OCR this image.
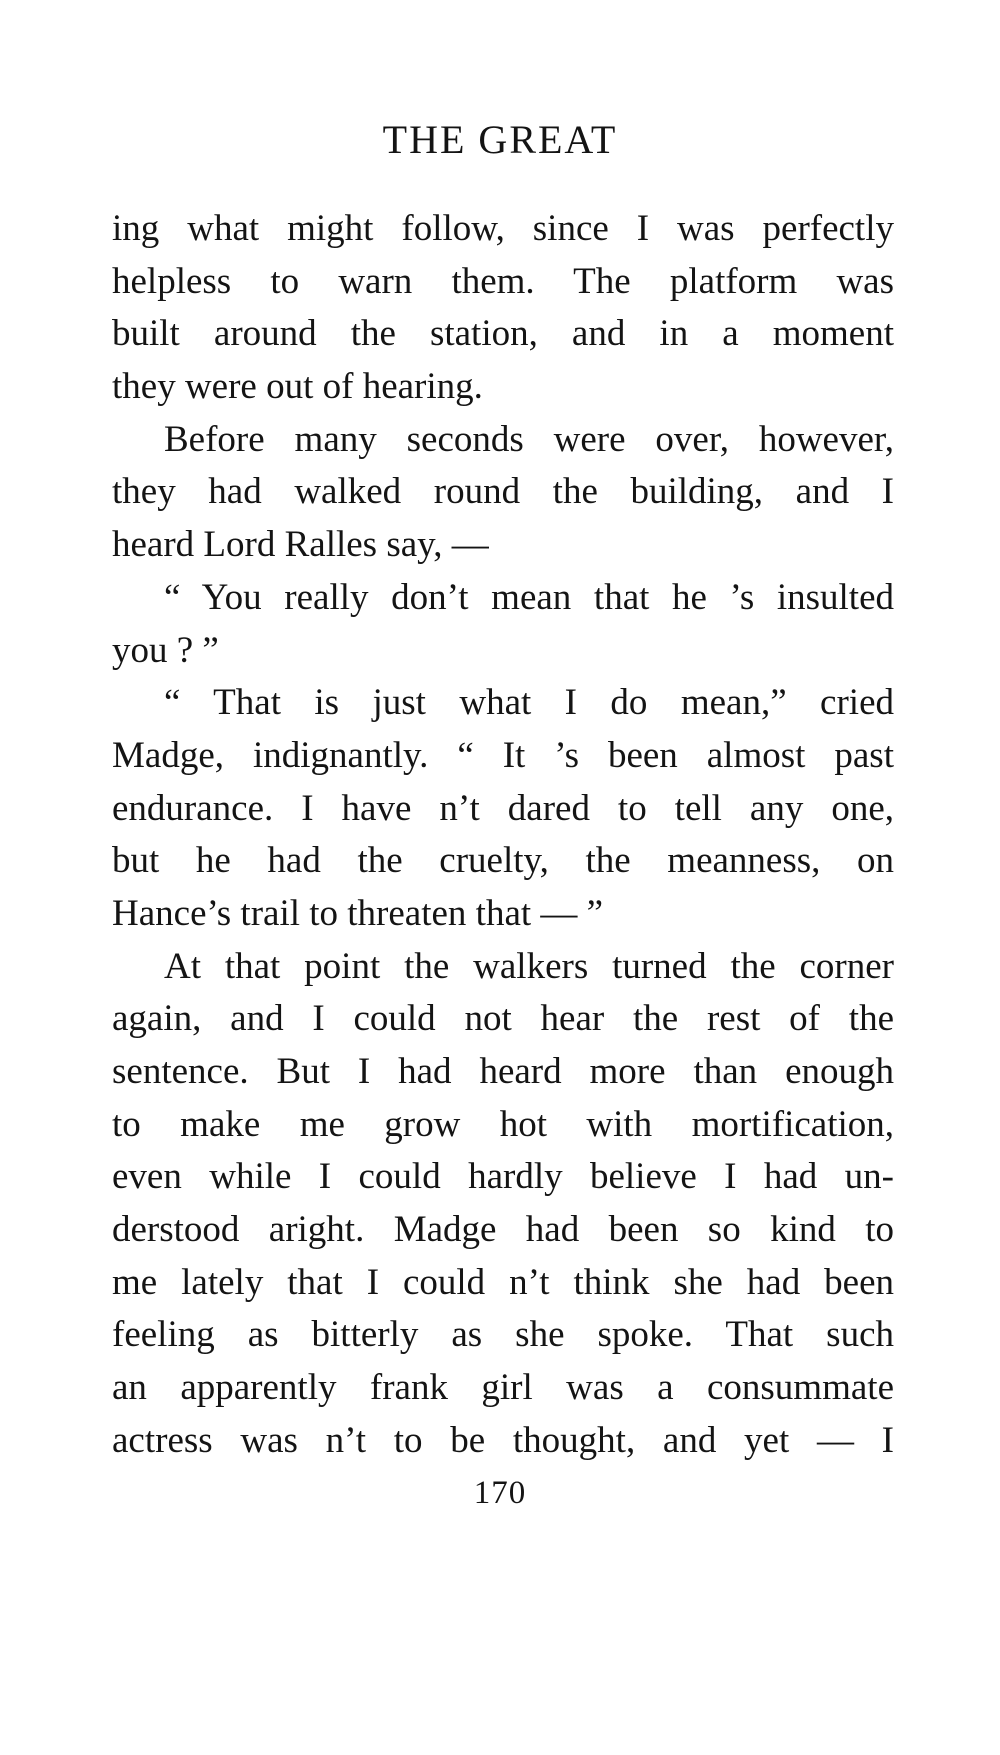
THE GREAT
ing what might follow, since I was perfectly
helpless to warn them. The platform was
built around the station, and in a moment
they were out of hearing.
Before many seconds were over, however,
they had walked round the building, and I
heard Lord Ralles say, —
“ You really don’t mean that he ’s insulted
you ? ”
“ That is just what I do mean,” cried
Madge, indignantly. “ It ’s been almost past
endurance. I have n’t dared to tell any one,
but he had the cruelty, the meanness, on
Hance’s trail to threaten that — ”
At that point the walkers turned the corner
again, and I could not hear the rest of the
sentence. But I had heard more than enough
to make me grow hot with mortification,
even while I could hardly believe I had un-
derstood aright. Madge had been so kind to
me lately that I could n’t think she had been
feeling as bitterly as she spoke. That such
an apparently frank girl was a consummate
actress was n’t to be thought, and yet — I
170
